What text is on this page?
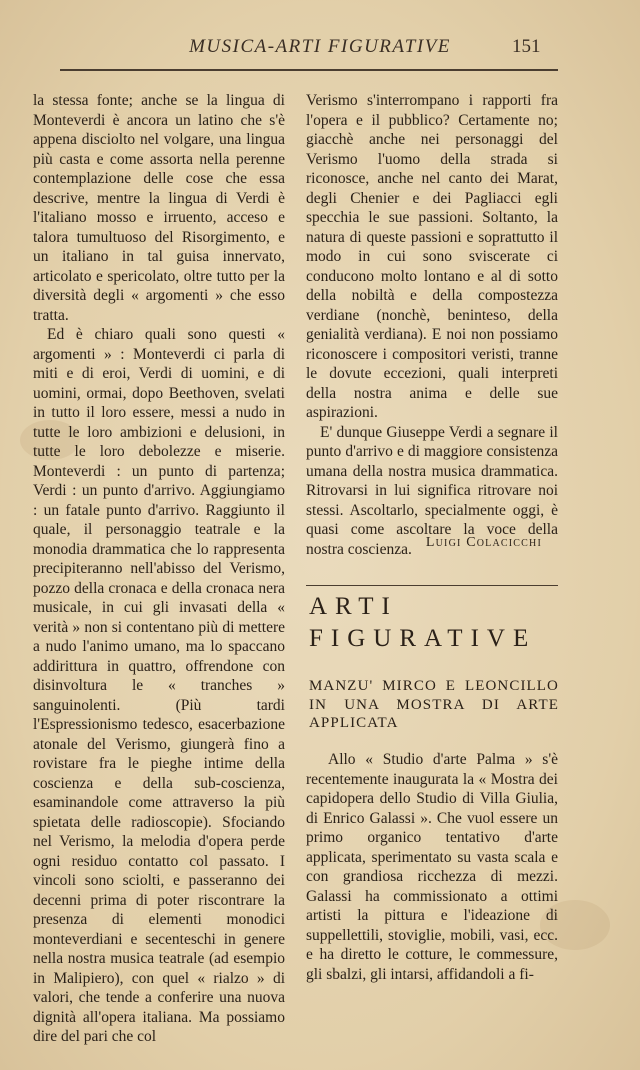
MUSICA-ARTI FIGURATIVE	151

la stessa fonte; anche se la lingua di Monteverdi è ancora un latino che s'è appena disciolto nel volgare, una lingua più casta e come assorta nella perenne contemplazione delle cose che essa descrive, mentre la lingua di Verdi è l'italiano mosso e irruento, acceso e talora tumultuoso del Risorgimento, e un italiano in tal guisa innervato, articolato e spericolato, oltre tutto per la diversità degli « argomenti » che esso tratta.

Ed è chiaro quali sono questi « argomenti » : Monteverdi ci parla di miti e di eroi, Verdi di uomini, e di uomini, ormai, dopo Beethoven, svelati in tutto il loro essere, messi a nudo in tutte le loro ambizioni e delusioni, in tutte le loro debolezze e miserie. Monteverdi : un punto di partenza; Verdi : un punto d'arrivo. Aggiungiamo : un fatale punto d'arrivo. Raggiunto il quale, il personaggio teatrale e la monodia drammatica che lo rappresenta precipiteranno nell'abisso del Verismo, pozzo della cronaca e della cronaca nera musicale, in cui gli invasati della « verità » non si contentano più di mettere a nudo l'animo umano, ma lo spaccano addirittura in quattro, offrendone con disinvoltura le « tranches » sanguinolenti. (Più tardi l'Espressionismo tedesco, esacerbazione atonale del Verismo, giungerà fino a rovistare fra le pieghe intime della coscienza e della sub-coscienza, esaminandole come attraverso la più spietata delle radioscopie). Sfociando nel Verismo, la melodia d'opera perde ogni residuo contatto col passato. I vincoli sono sciolti, e passeranno dei decenni prima di poter riscontrare la presenza di elementi monodici monteverdiani e secenteschi in genere nella nostra musica teatrale (ad esempio in Malipiero), con quel « rialzo » di valori, che tende a conferire una nuova dignità all'opera italiana. Ma possiamo dire del pari che col

Verismo s'interrompano i rapporti fra l'opera e il pubblico? Certamente no; giacchè anche nei personaggi del Verismo l'uomo della strada si riconosce, anche nel canto dei Marat, degli Chenier e dei Pagliacci egli specchia le sue passioni. Soltanto, la natura di queste passioni e soprattutto il modo in cui sono sviscerate ci conducono molto lontano e al di sotto della nobiltà e della compostezza verdiane (nonchè, beninteso, della genialità verdiana). E noi non possiamo riconoscere i compositori veristi, tranne le dovute eccezioni, quali interpreti della nostra anima e delle sue aspirazioni.

E' dunque Giuseppe Verdi a segnare il punto d'arrivo e di maggiore consistenza umana della nostra musica drammatica. Ritrovarsi in lui significa ritrovare noi stessi. Ascoltarlo, specialmente oggi, è quasi come ascoltare la voce della nostra coscienza. Luigi Colacicchi
ARTI
FIGURATIVE
MANZU' MIRCO E LEONCILLO IN UNA MOSTRA DI ARTE APPLICATA

Allo « Studio d'arte Palma » s'è recentemente inaugurata la « Mostra dei capidopera dello Studio di Villa Giulia, di Enrico Galassi ». Che vuol essere un primo organico tentativo d'arte applicata, sperimentato su vasta scala e con grandiosa ricchezza di mezzi. Galassi ha commissionato a ottimi artisti la pittura e l'ideazione di suppellettili, stoviglie, mobili, vasi, ecc. e ha diretto le cotture, le commessure, gli sbalzi, gli intarsi, affidandoli a fi-
